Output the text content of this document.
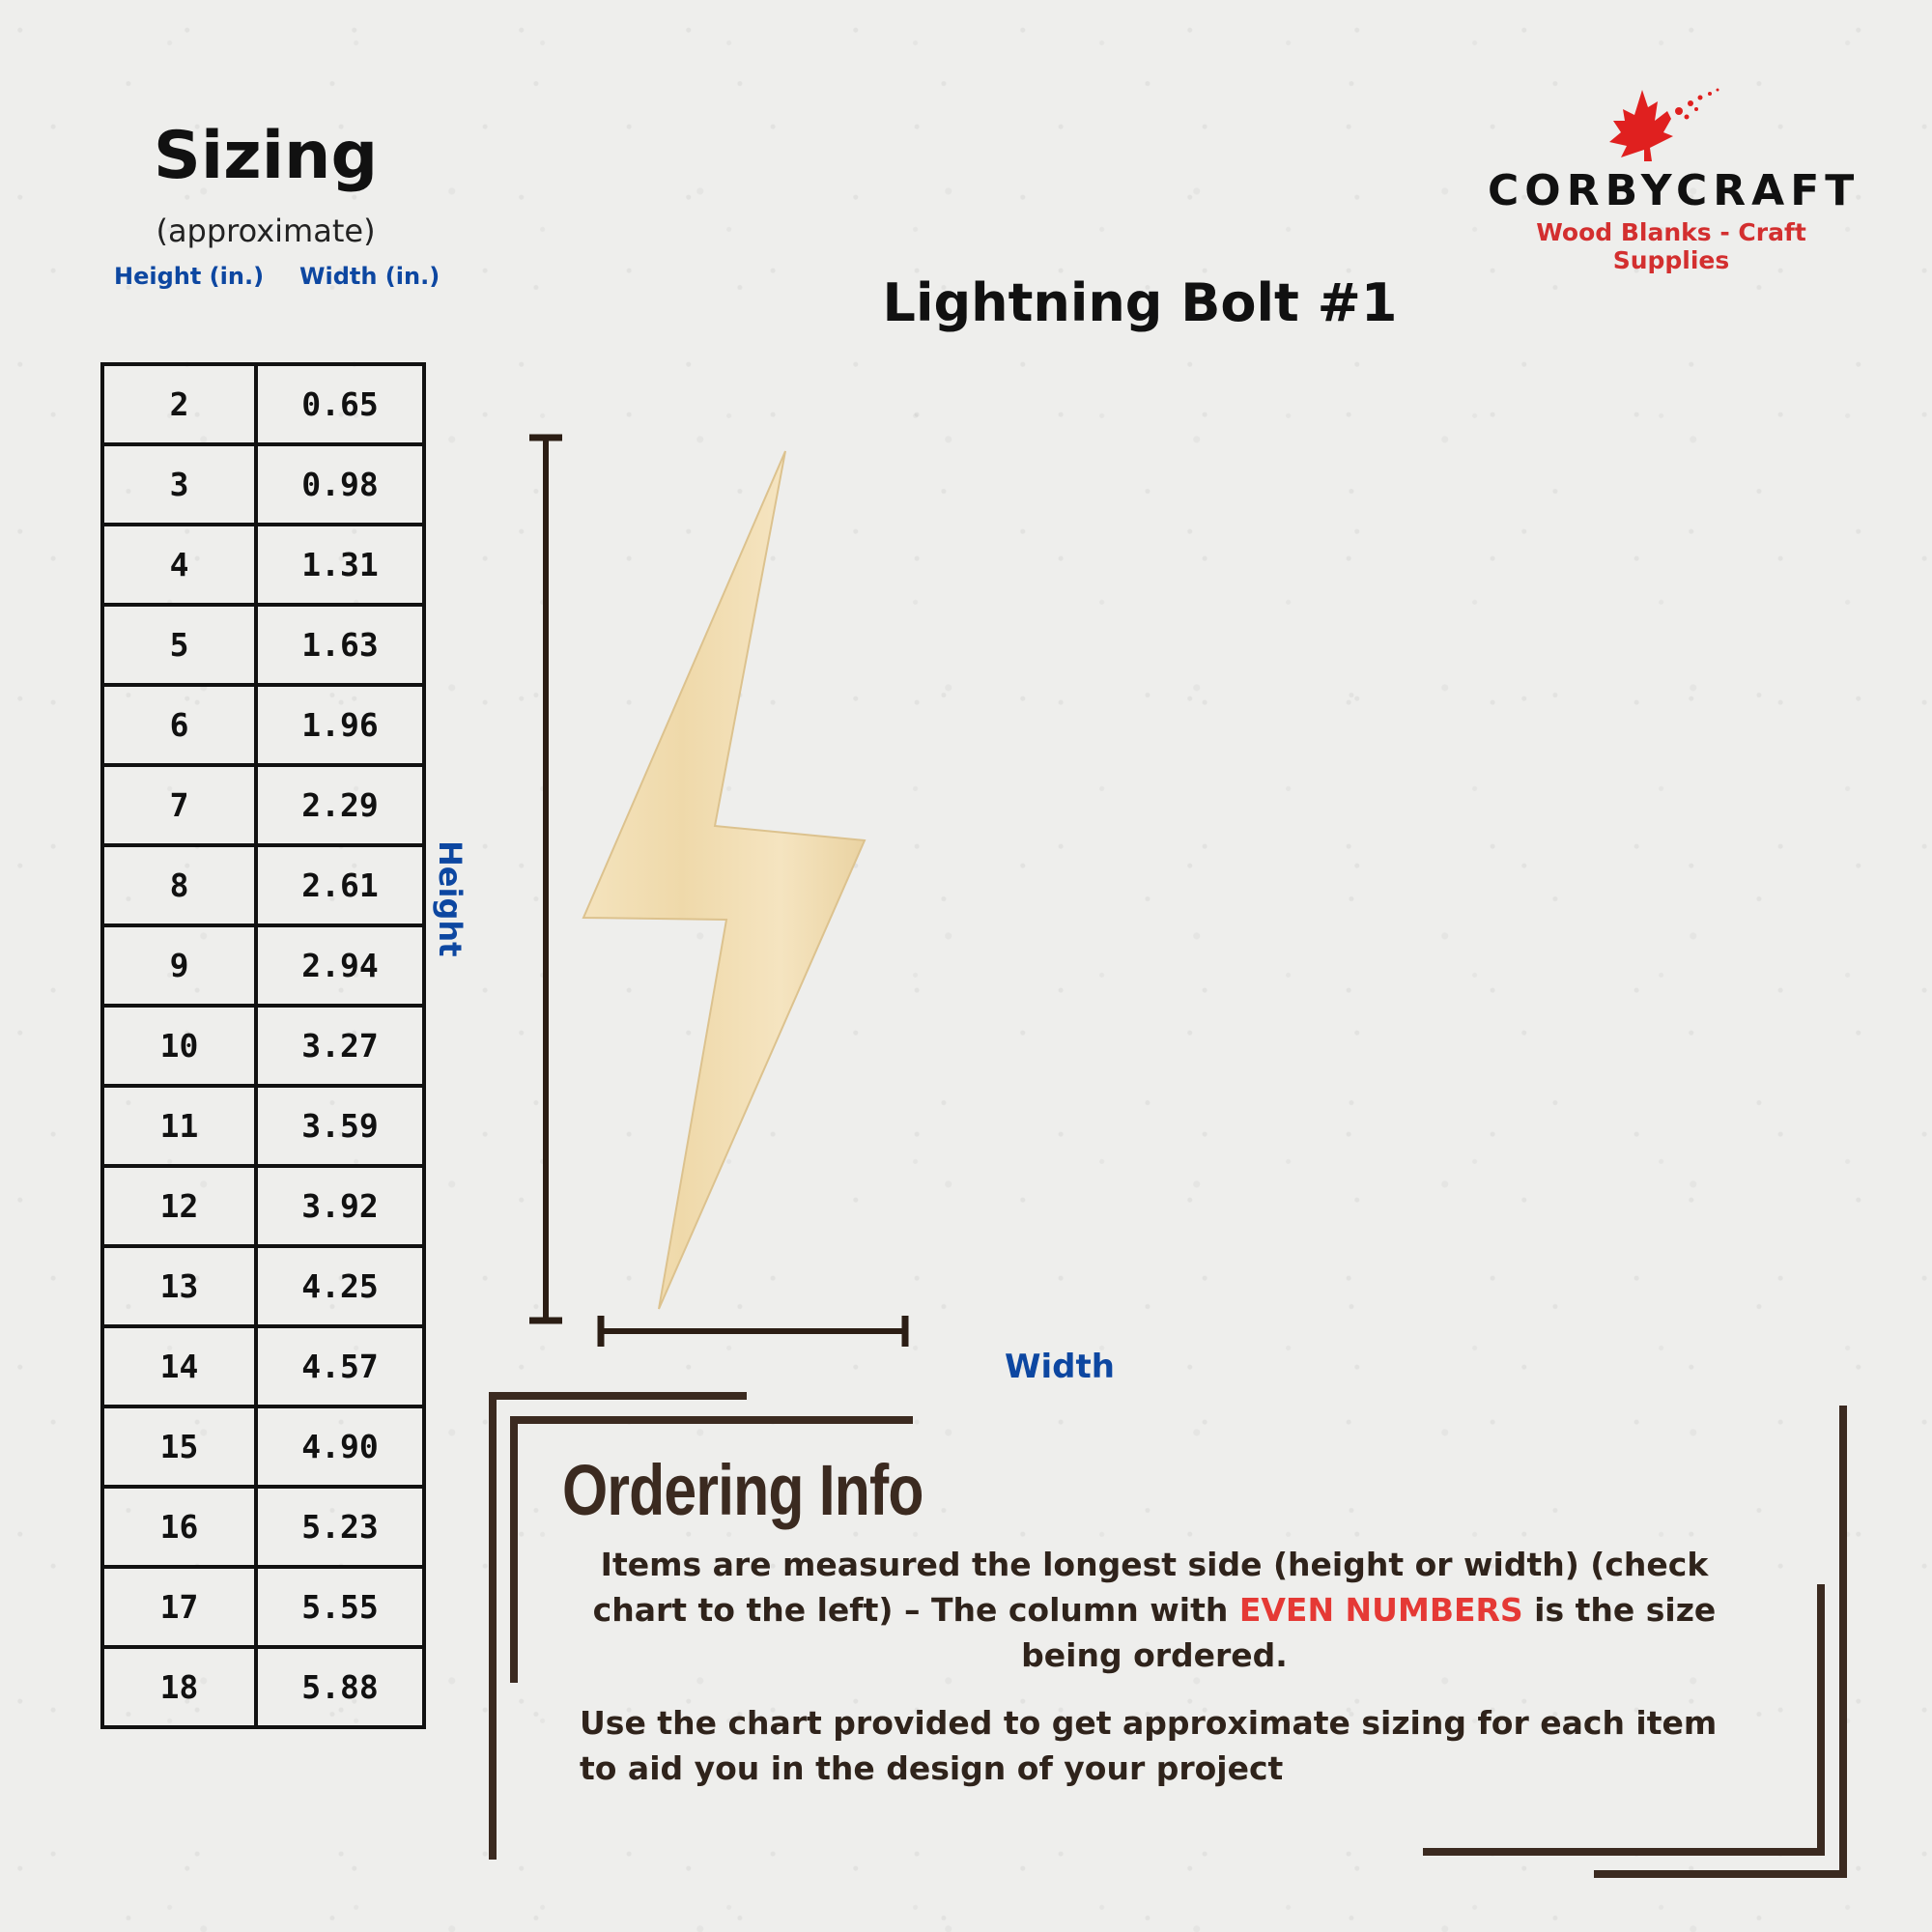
Sizing
(approximate)
Height (in.) Width (in.)
2	0.65
3	0.98
4	1.31
5	1.63
6	1.96
7	2.29
8	2.61
9	2.94
10	3.27
11	3.59
12	3.92
13	4.25
14	4.57
15	4.90
16	5.23
17	5.55
18	5.88
CORBYCRAFT
Wood Blanks - Craft Supplies
Lightning Bolt #1
Height
Width
Ordering Info
Items are measured the longest side (height or width) (check
chart to the left) – The column with EVEN NUMBERS is the size
being ordered.
Use the chart provided to get approximate sizing for each item
to aid you in the design of your project
